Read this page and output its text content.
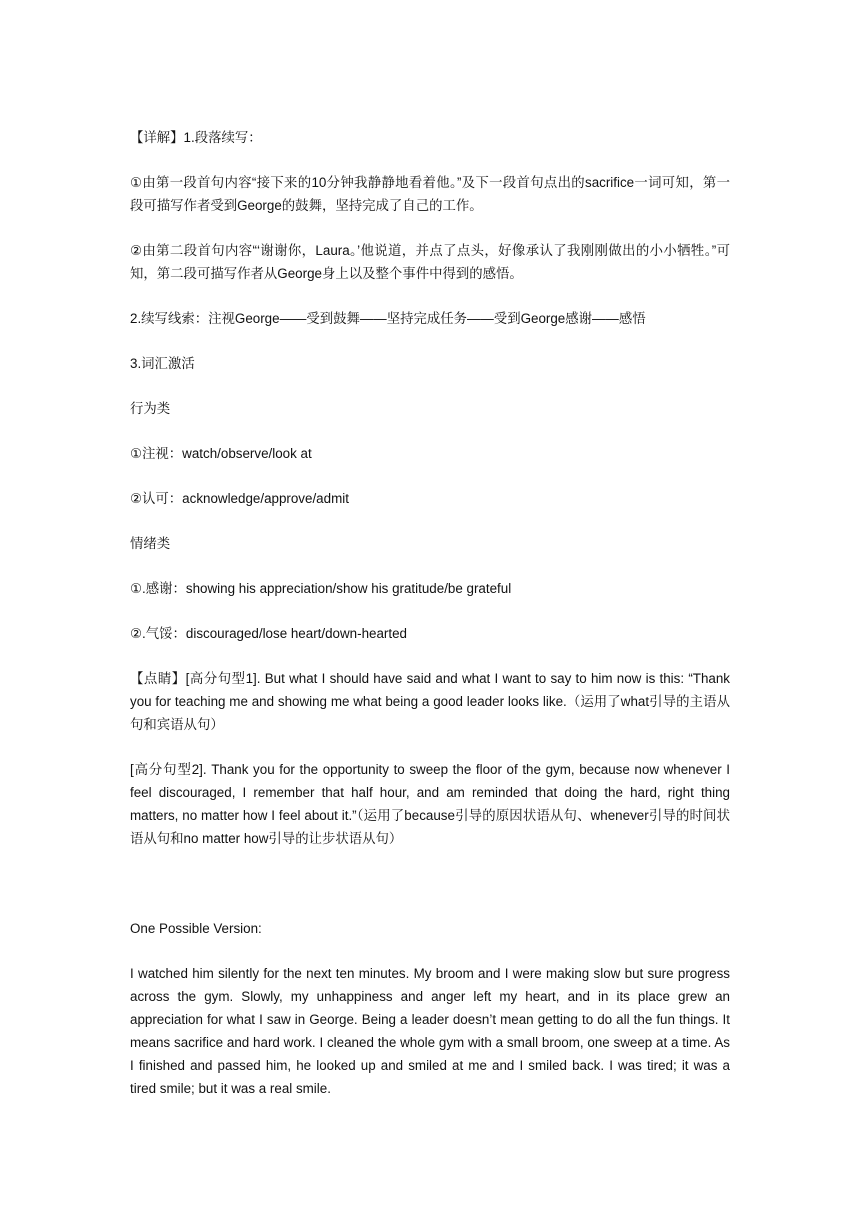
【详解】1.段落续写：

①由第一段首句内容“接下来的10分钟我静静地看着他。”及下一段首句点出的sacrifice一词可知，第一段可描写作者受到George的鼓舞，坚持完成了自己的工作。

②由第二段首句内容“‘谢谢你，Laura。’他说道，并点了点头，好像承认了我刚刚做出的小小牺牲。”可知，第二段可描写作者从George身上以及整个事件中得到的感悟。

2.续写线索：注视George——受到鼓舞——坚持完成任务——受到George感谢——感悟

3.词汇激活

行为类

①注视：watch/observe/look at

②认可：acknowledge/approve/admit

情绪类

①.感谢：showing his appreciation/show his gratitude/be grateful

②.气馁：discouraged/lose heart/down-hearted

【点睛】[高分句型1]. But what I should have said and what I want to say to him now is this: “Thank you for teaching me and showing me what being a good leader looks like.（运用了what引导的主语从句和宾语从句）

[高分句型2]. Thank you for the opportunity to sweep the floor of the gym, because now whenever I feel discouraged, I remember that half hour, and am reminded that doing the hard, right thing matters, no matter how I feel about it.”（运用了because引导的原因状语从句、whenever引导的时间状语从句和no matter how引导的让步状语从句）

One Possible Version:

I watched him silently for the next ten minutes. My broom and I were making slow but sure progress across the gym. Slowly, my unhappiness and anger left my heart, and in its place grew an appreciation for what I saw in George. Being a leader doesn’t mean getting to do all the fun things. It means sacrifice and hard work. I cleaned the whole gym with a small broom, one sweep at a time. As I finished and passed him, he looked up and smiled at me and I smiled back. I was tired; it was a tired smile; but it was a real smile.
